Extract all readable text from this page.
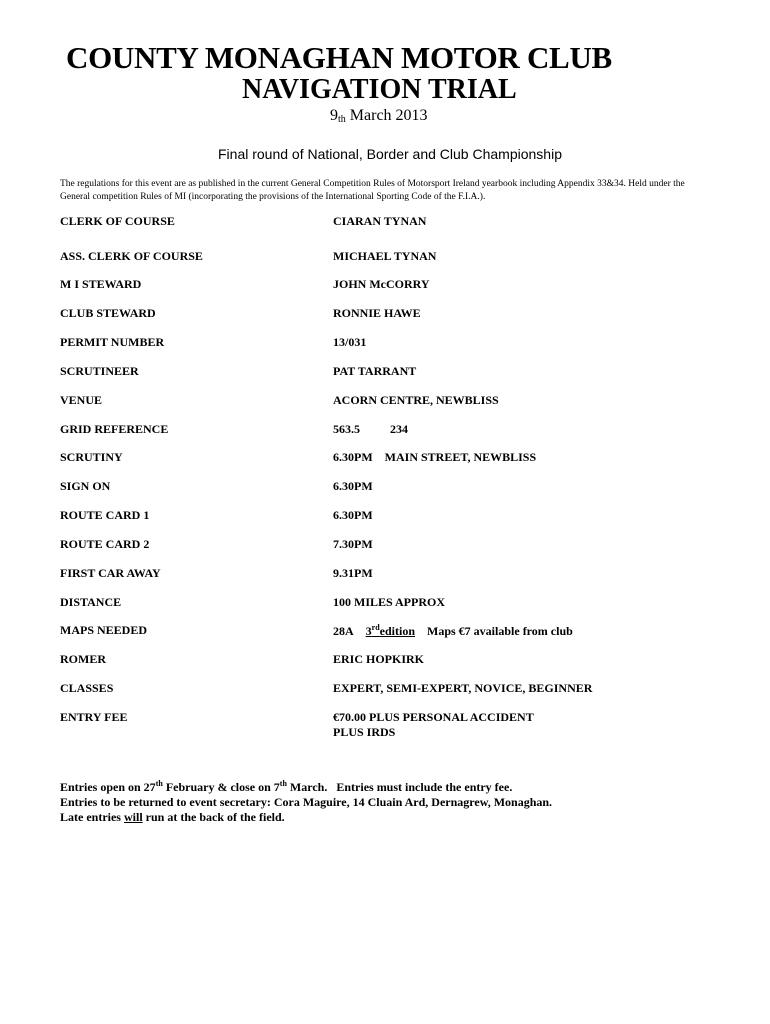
COUNTY MONAGHAN MOTOR CLUB
NAVIGATION TRIAL
$9_{th}$ March 2013
Final round of National, Border and Club Championship
The regulations for this event are as published in the current General Competition Rules of Motorsport Ireland yearbook including Appendix 33&34. Held under the General competition Rules of MI (incorporating the provisions of the International Sporting Code of the F.I.A.).
CLERK OF COURSE	CIARAN TYNAN
ASS. CLERK OF COURSE	MICHAEL TYNAN
M I STEWARD	JOHN McCORRY
CLUB STEWARD	RONNIE HAWE
PERMIT NUMBER	13/031
SCRUTINEER	PAT TARRANT
VENUE	ACORN CENTRE, NEWBLISS
GRID REFERENCE	563.5          234
SCRUTINY	6.30PM    MAIN STREET, NEWBLISS
SIGN ON	6.30PM
ROUTE CARD 1	6.30PM
ROUTE CARD 2	7.30PM
FIRST CAR AWAY	9.31PM
DISTANCE	100 MILES APPROX
MAPS NEEDED	28A 3rdedition Maps €7 available from club
ROMER	ERIC HOPKIRK
CLASSES	EXPERT, SEMI-EXPERT, NOVICE, BEGINNER
ENTRY FEE	€70.00 PLUS PERSONAL ACCIDENT
PLUS IRDS
Entries open on 27th February & close on 7th March.   Entries must include the entry fee.
Entries to be returned to event secretary: Cora Maguire, 14 Cluain Ard, Dernagrew, Monaghan.
Late entries will run at the back of the field.
